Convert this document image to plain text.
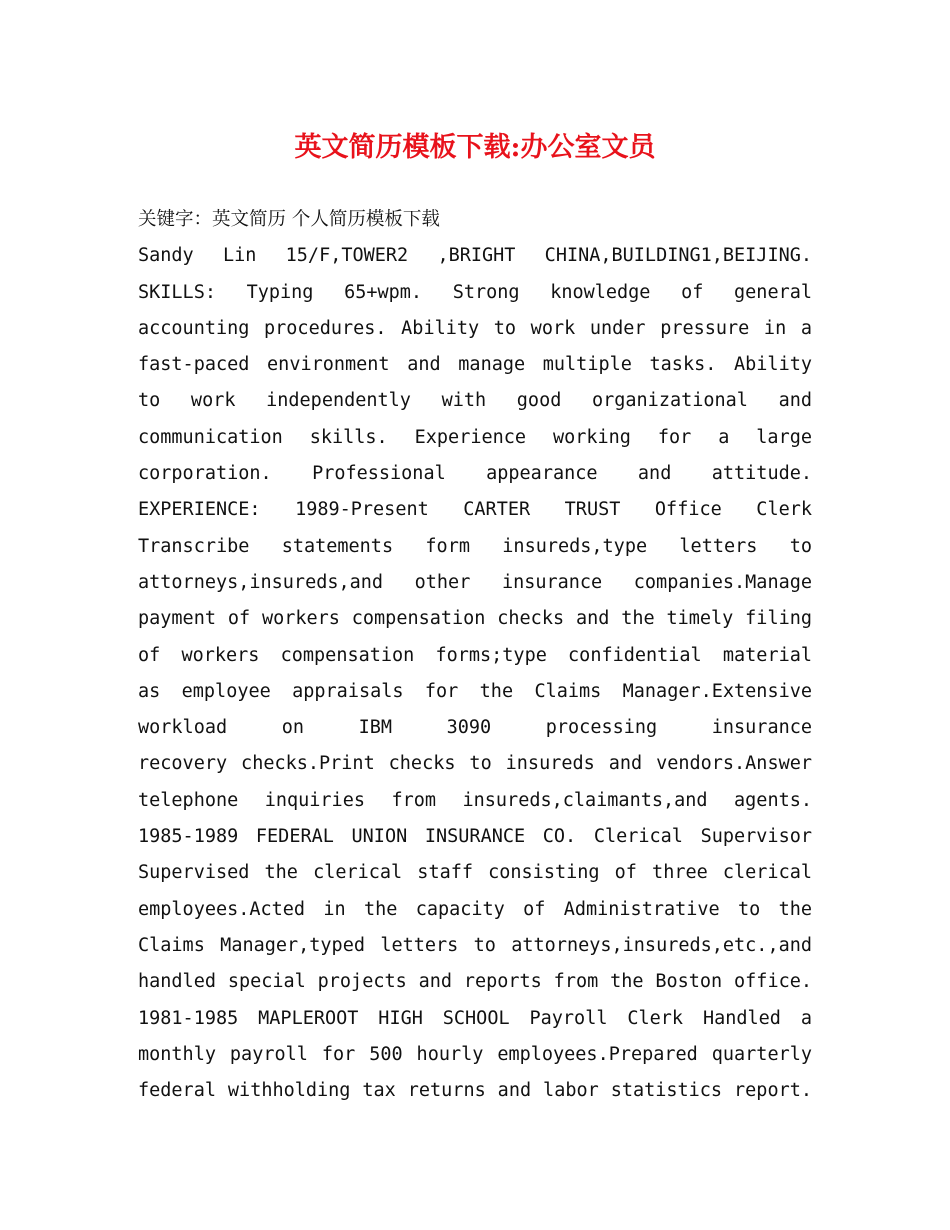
英文简历模板下载:办公室文员
关键字：英文简历 个人简历模板下载
Sandy Lin 15/F,TOWER2 ,BRIGHT CHINA,BUILDING1,BEIJING.
SKILLS: Typing 65+wpm. Strong knowledge of general
accounting procedures. Ability to work under pressure in a
fast-paced environment and manage multiple tasks. Ability
to work independently with good organizational and
communication skills. Experience working for a large
corporation. Professional appearance and attitude.
EXPERIENCE: 1989-Present CARTER TRUST Office Clerk
Transcribe statements form insureds,type letters to
attorneys,insureds,and other insurance companies.Manage
payment of workers compensation checks and the timely filing
of workers compensation forms;type confidential material
as employee appraisals for the Claims Manager.Extensive
workload on IBM 3090 processing insurance
recovery checks.Print checks to insureds and vendors.Answer
telephone inquiries from insureds,claimants,and agents.
1985-1989 FEDERAL UNION INSURANCE CO. Clerical Supervisor
Supervised the clerical staff consisting of three clerical
employees.Acted in the capacity of Administrative to the
Claims Manager,typed letters to attorneys,insureds,etc.,and
handled special projects and reports from the Boston office.
1981-1985 MAPLEROOT HIGH SCHOOL Payroll Clerk Handled a
monthly payroll for 500 hourly employees.Prepared quarterly
federal withholding tax returns and labor statistics report.
